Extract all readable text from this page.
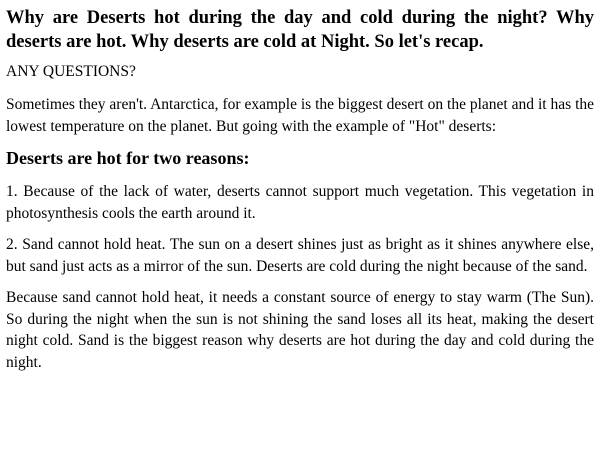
Why are Deserts hot during the day and cold during the night? Why deserts are hot. Why deserts are cold at Night. So let's recap.
ANY QUESTIONS?

Sometimes they aren't. Antarctica, for example is the biggest desert on the planet and it has the lowest temperature on the planet. But going with the example of "Hot" deserts:

Deserts are hot for two reasons:

1. Because of the lack of water, deserts cannot support much vegetation. This vegetation in photosynthesis cools the earth around it.

2. Sand cannot hold heat. The sun on a desert shines just as bright as it shines anywhere else, but sand just acts as a mirror of the sun. Deserts are cold during the night because of the sand.

Because sand cannot hold heat, it needs a constant source of energy to stay warm (The Sun). So during the night when the sun is not shining the sand loses all its heat, making the desert night cold. Sand is the biggest reason why deserts are hot during the day and cold during the night.
